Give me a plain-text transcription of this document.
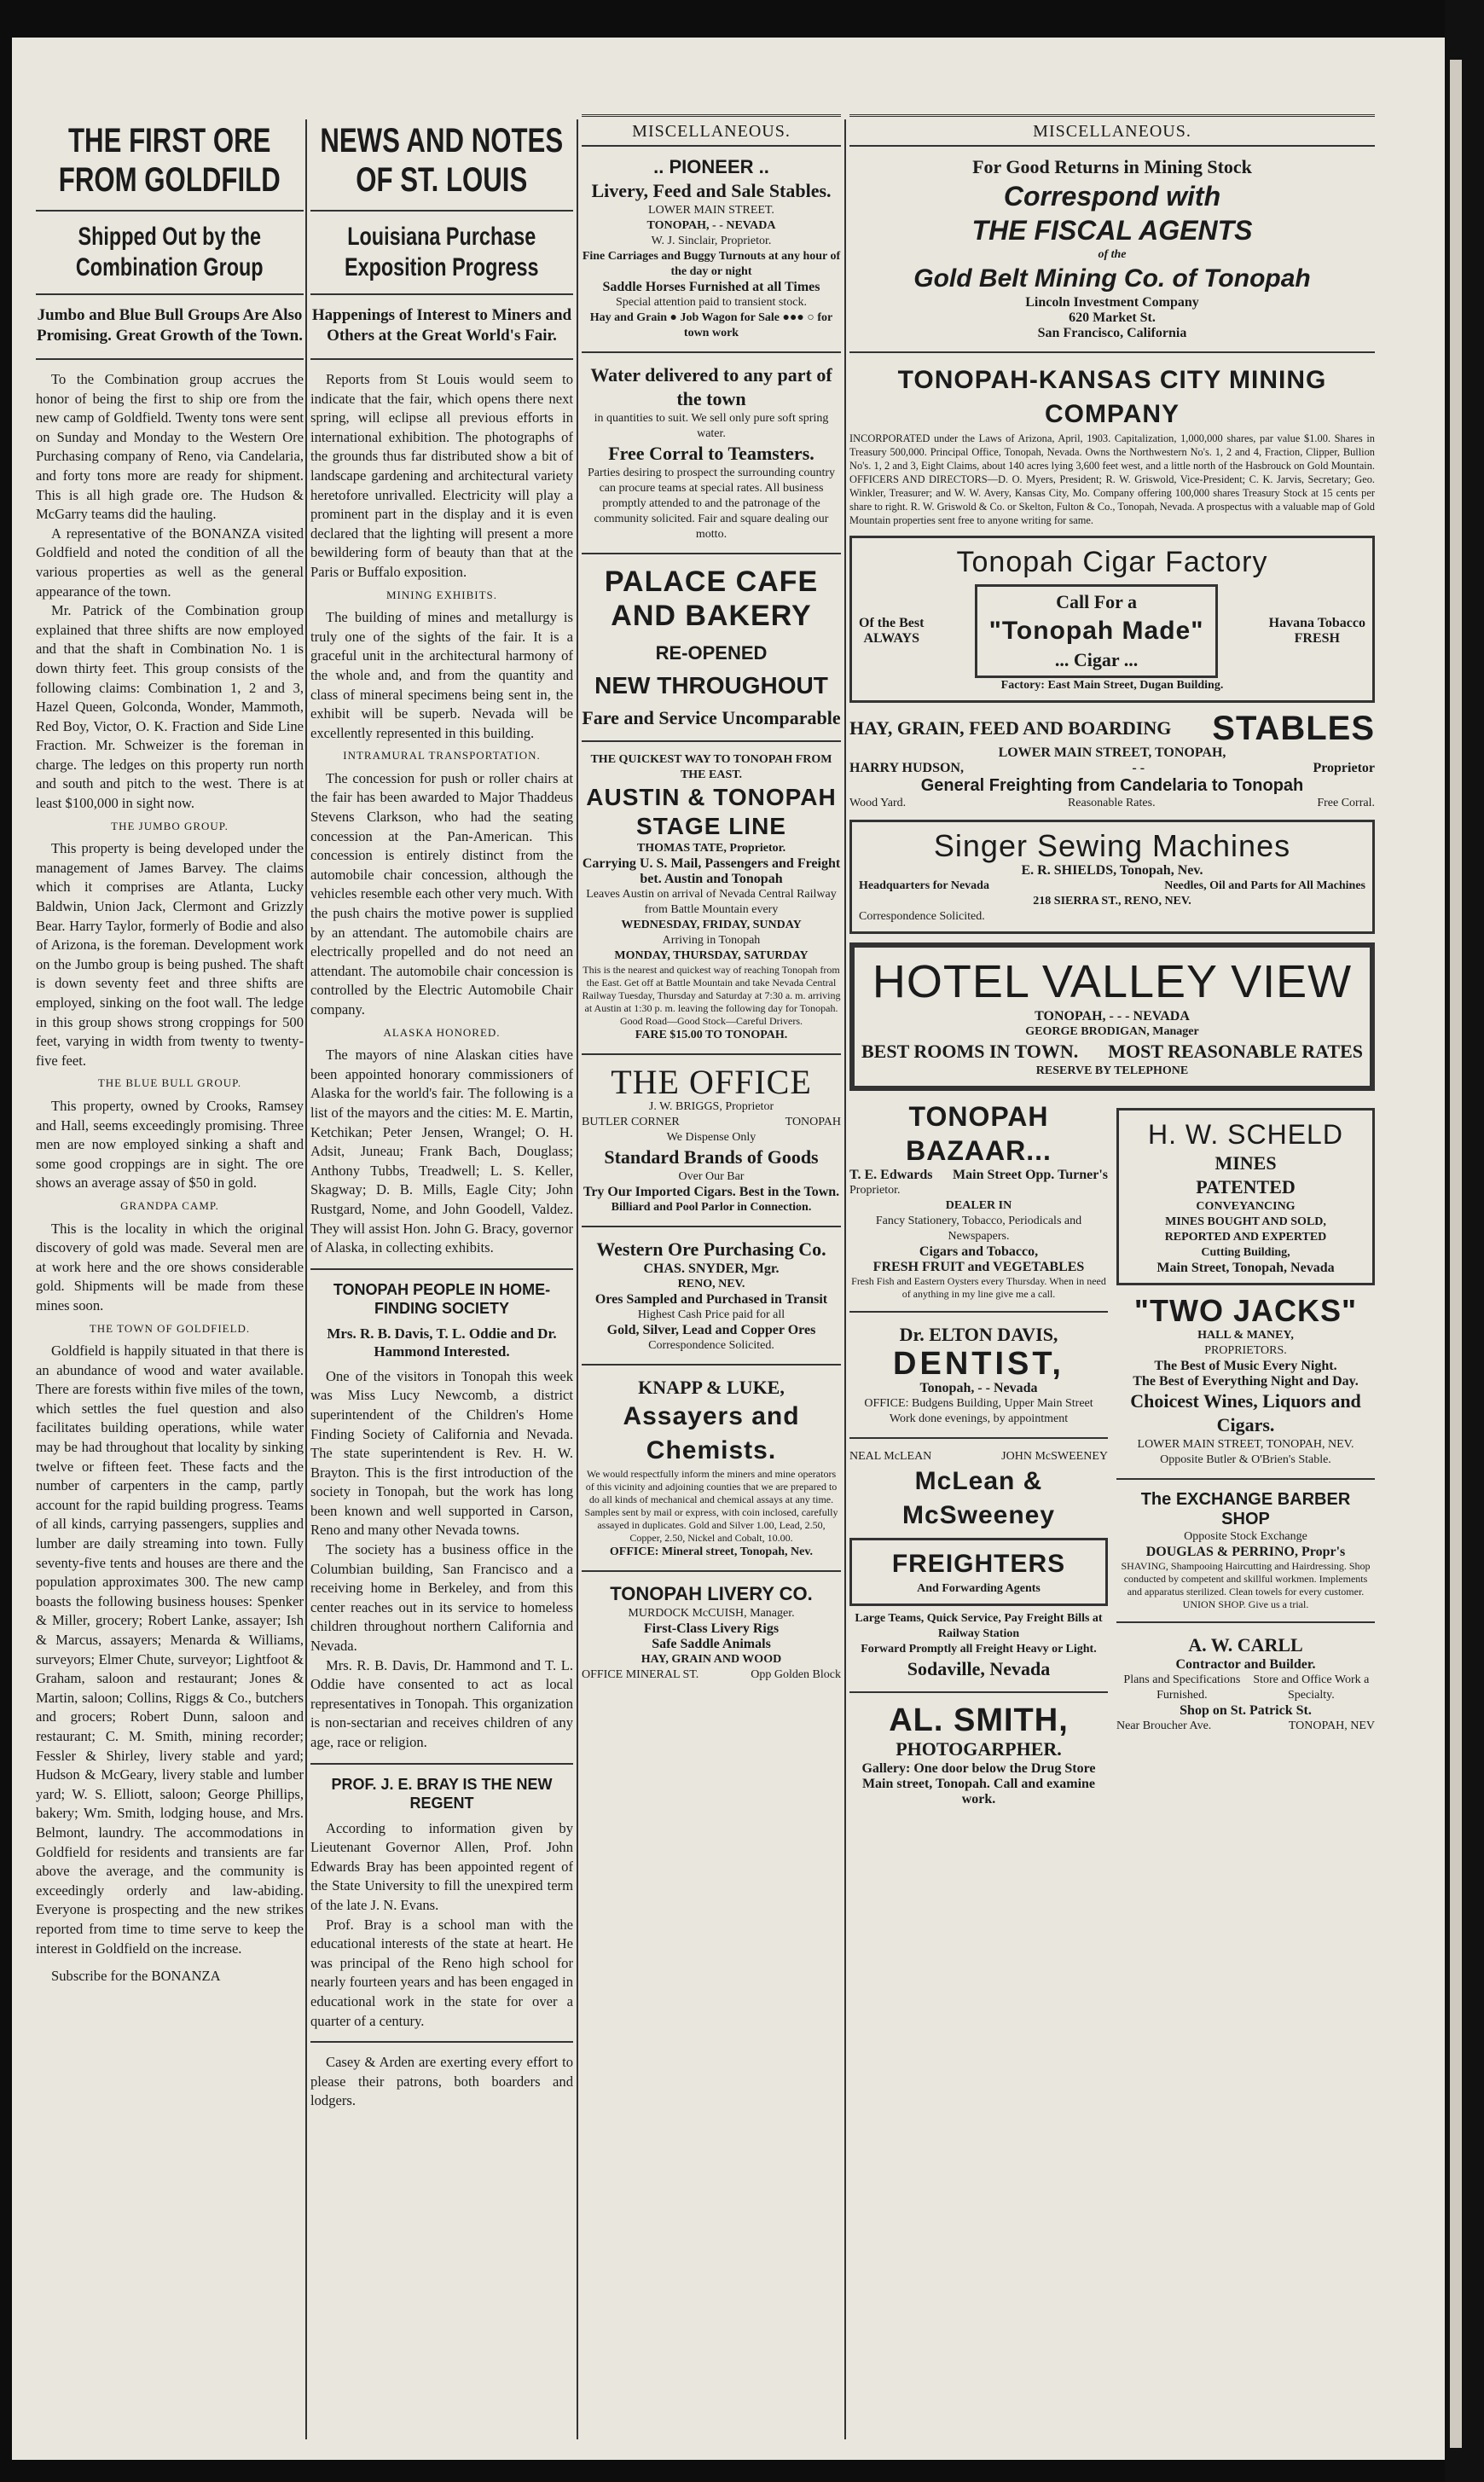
THE FIRST ORE FROM GOLDFILD
Shipped Out by the Combination Group
Jumbo and Blue Bull Groups Are Also Promising. Great Growth of the Town.

To the Combination group accrues the honor of being the first to ship ore from the new camp of Goldfield. Twenty tons were sent on Sunday and Monday to the Western Ore Purchasing company of Reno, via Candelaria, and forty tons more are ready for shipment. This is all high grade ore. The Hudson & McGarry teams did the hauling.

A representative of the BONANZA visited Goldfield and noted the condition of all the various properties as well as the general appearance of the town.

Mr. Patrick of the Combination group explained that three shifts are now employed and that the shaft in Combination No. 1 is down thirty feet. This group consists of the following claims: Combination 1, 2 and 3, Hazel Queen, Golconda, Wonder, Mammoth, Red Boy, Victor, O. K. Fraction and Side Line Fraction. Mr. Schweizer is the foreman in charge. The ledges on this property run north and south and pitch to the west. There is at least $100,000 in sight now.

THE JUMBO GROUP.

This property is being developed under the management of James Barvey. The claims which it comprises are Atlanta, Lucky Baldwin, Union Jack, Clermont and Grizzly Bear. Harry Taylor, formerly of Bodie and also of Arizona, is the foreman. Development work on the Jumbo group is being pushed. The shaft is down seventy feet and three shifts are employed, sinking on the foot wall. The ledge in this group shows strong croppings for 500 feet, varying in width from twenty to twenty-five feet.

THE BLUE BULL GROUP.

This property, owned by Crooks, Ramsey and Hall, seems exceedingly promising. Three men are now employed sinking a shaft and some good croppings are in sight. The ore shows an average assay of $50 in gold.

GRANDPA CAMP.

This is the locality in which the original discovery of gold was made. Several men are at work here and the ore shows considerable gold. Shipments will be made from these mines soon.

THE TOWN OF GOLDFIELD.

Goldfield is happily situated in that there is an abundance of wood and water available. There are forests within five miles of the town, which settles the fuel question and also facilitates building operations, while water may be had throughout that locality by sinking twelve or fifteen feet. These facts and the number of carpenters in the camp, partly account for the rapid building progress. Teams of all kinds, carrying passengers, supplies and lumber are daily streaming into town. Fully seventy-five tents and houses are there and the population approximates 300. The new camp boasts the following business houses: Spenker & Miller, grocery; Robert Lanke, assayer; Ish & Marcus, assayers; Menarda & Williams, surveyors; Elmer Chute, surveyor; Lightfoot & Graham, saloon and restaurant; Jones & Martin, saloon; Collins, Riggs & Co., butchers and grocers; Robert Dunn, saloon and restaurant; C. M. Smith, mining recorder; Fessler & Shirley, livery stable and yard; Hudson & McGeary, livery stable and lumber yard; W. S. Elliott, saloon; George Phillips, bakery; Wm. Smith, lodging house, and Mrs. Belmont, laundry. The accommodations in Goldfield for residents and transients are far above the average, and the community is exceedingly orderly and law-abiding. Everyone is prospecting and the new strikes reported from time to time serve to keep the interest in Goldfield on the increase.

Subscribe for the BONANZA

NEWS AND NOTES OF ST. LOUIS
Louisiana Purchase Exposition Progress
Happenings of Interest to Miners and Others at the Great World's Fair.

Reports from St Louis would seem to indicate that the fair, which opens there next spring, will eclipse all previous efforts in international exhibition. The photographs of the grounds thus far distributed show a bit of landscape gardening and architectural variety heretofore unrivalled. Electricity will play a prominent part in the display and it is even declared that the lighting will present a more bewildering form of beauty than that at the Paris or Buffalo exposition.

MINING EXHIBITS.

The building of mines and metallurgy is truly one of the sights of the fair. It is a graceful unit in the architectural harmony of the whole and, and from the quantity and class of mineral specimens being sent in, the exhibit will be superb. Nevada will be excellently represented in this building.

INTRAMURAL TRANSPORTATION.

The concession for push or roller chairs at the fair has been awarded to Major Thaddeus Stevens Clarkson, who had the seating concession at the Pan-American. This concession is entirely distinct from the automobile chair concession, although the vehicles resemble each other very much. With the push chairs the motive power is supplied by an attendant. The automobile chairs are electrically propelled and do not need an attendant. The automobile chair concession is controlled by the Electric Automobile Chair company.

ALASKA HONORED.

The mayors of nine Alaskan cities have been appointed honorary commissioners of Alaska for the world's fair. The following is a list of the mayors and the cities: M. E. Martin, Ketchikan; Peter Jensen, Wrangel; O. H. Adsit, Juneau; Frank Bach, Douglass; Anthony Tubbs, Treadwell; L. S. Keller, Skagway; D. B. Mills, Eagle City; John Rustgard, Nome, and John Goodell, Valdez. They will assist Hon. John G. Bracy, governor of Alaska, in collecting exhibits.

TONOPAH PEOPLE IN HOME-FINDING SOCIETY
Mrs. R. B. Davis, T. L. Oddie and Dr. Hammond Interested.

One of the visitors in Tonopah this week was Miss Lucy Newcomb, a district superintendent of the Children's Home Finding Society of California and Nevada. The state superintendent is Rev. H. W. Brayton. This is the first introduction of the society in Tonopah, but the work has long been known and well supported in Carson, Reno and many other Nevada towns.

The society has a business office in the Columbian building, San Francisco and a receiving home in Berkeley, and from this center reaches out in its service to homeless children throughout northern California and Nevada.

Mrs. R. B. Davis, Dr. Hammond and T. L. Oddie have consented to act as local representatives in Tonopah. This organization is non-sectarian and receives children of any age, race or religion.

PROF. J. E. BRAY IS THE NEW REGENT

According to information given by Lieutenant Governor Allen, Prof. John Edwards Bray has been appointed regent of the State University to fill the unexpired term of the late J. N. Evans.

Prof. Bray is a school man with the educational interests of the state at heart. He was principal of the Reno high school for nearly fourteen years and has been engaged in educational work in the state for over a quarter of a century.

Casey & Arden are exerting every effort to please their patrons, both boarders and lodgers.

MISCELLANEOUS.
.. PIONEER ..
Livery, Feed and Sale Stables.
LOWER MAIN STREET.
TONOPAH, - - NEVADA
W. J. Sinclair, Proprietor.
Fine Carriages and Buggy Turnouts at any hour of the day or night
Saddle Horses Furnished at all Times
Special attention paid to transient stock.
Hay and Grain ● Job Wagon for Sale ●●● ○ for town work
Water delivered to any part of the town
in quantities to suit. We sell only pure soft spring water.
Free Corral to Teamsters.
Parties desiring to prospect the surrounding country can procure teams at special rates. All business promptly attended to and the patronage of the community solicited. Fair and square dealing our motto.
PALACE CAFE
AND BAKERY
RE-OPENED
NEW THROUGHOUT
Fare and Service Uncomparable
THE QUICKEST WAY TO TONOPAH FROM THE EAST.
AUSTIN & TONOPAH STAGE LINE
THOMAS TATE, Proprietor.
Carrying U. S. Mail, Passengers and Freight bet. Austin and Tonopah
Leaves Austin on arrival of Nevada Central Railway from Battle Mountain every
WEDNESDAY, FRIDAY, SUNDAY
Arriving in Tonopah
MONDAY, THURSDAY, SATURDAY
This is the nearest and quickest way of reaching Tonopah from the East. Get off at Battle Mountain and take Nevada Central Railway Tuesday, Thursday and Saturday at 7:30 a. m. arriving at Austin at 1:30 p. m. leaving the following day for Tonopah. Good Road—Good Stock—Careful Drivers.
FARE $15.00 TO TONOPAH.
THE OFFICE
J. W. BRIGGS, Proprietor
BUTLER CORNER	TONOPAH
We Dispense Only
Standard Brands of Goods
Over Our Bar
Try Our Imported Cigars. Best in the Town.
Billiard and Pool Parlor in Connection.
Western Ore Purchasing Co.
CHAS. SNYDER, Mgr.
RENO, NEV.
Ores Sampled and Purchased in Transit
Highest Cash Price paid for all
Gold, Silver, Lead and Copper Ores
Correspondence Solicited.
KNAPP & LUKE,
Assayers and Chemists.
We would respectfully inform the miners and mine operators of this vicinity and adjoining counties that we are prepared to do all kinds of mechanical and chemical assays at any time. Samples sent by mail or express, with coin inclosed, carefully assayed in duplicates. Gold and Silver 1.00, Lead, 2.50, Copper, 2.50, Nickel and Cobalt, 10.00.
OFFICE: Mineral street, Tonopah, Nev.
TONOPAH LIVERY CO.
MURDOCK McCUISH, Manager.
First-Class Livery Rigs
Safe Saddle Animals
HAY, GRAIN AND WOOD
OFFICE MINERAL ST.	Opp Golden Block
MISCELLANEOUS.
For Good Returns in Mining Stock
Correspond with
THE FISCAL AGENTS
of the
Gold Belt Mining Co. of Tonopah
Lincoln Investment Company
620 Market St.
San Francisco, California
TONOPAH-KANSAS CITY MINING COMPANY
INCORPORATED under the Laws of Arizona, April, 1903. Capitalization, 1,000,000 shares, par value $1.00. Shares in Treasury 500,000. Principal Office, Tonopah, Nevada. Owns the Northwestern No's. 1, 2 and 4, Fraction, Clipper, Bullion No's. 1, 2 and 3, Eight Claims, about 140 acres lying 3,600 feet west, and a little north of the Hasbrouck on Gold Mountain. OFFICERS AND DIRECTORS—D. O. Myers, President; R. W. Griswold, Vice-President; C. K. Jarvis, Secretary; Geo. Winkler, Treasurer; and W. W. Avery, Kansas City, Mo. Company offering 100,000 shares Treasury Stock at 15 cents per share to right. R. W. Griswold & Co. or Skelton, Fulton & Co., Tonopah, Nevada. A prospectus with a valuable map of Gold Mountain properties sent free to anyone writing for same.
Tonopah Cigar Factory
Of the Best
ALWAYS
Call For a
"Tonopah Made"
... Cigar ...
Havana Tobacco
FRESH
Factory: East Main Street, Dugan Building.
HAY, GRAIN, FEED AND BOARDING STABLES
LOWER MAIN STREET, TONOPAH,
HARRY HUDSON,	- -	Proprietor
General Freighting from Candelaria to Tonopah
Wood Yard.	Reasonable Rates.	Free Corral.
Singer Sewing Machines
E. R. SHIELDS, Tonopah, Nev.
Headquarters for Nevada	Needles, Oil and Parts for All Machines
218 SIERRA ST., RENO, NEV.
Correspondence Solicited.
HOTEL VALLEY VIEW
TONOPAH, - - - NEVADA
GEORGE BRODIGAN, Manager
BEST ROOMS IN TOWN. MOST REASONABLE RATES
RESERVE BY TELEPHONE
TONOPAH BAZAAR...
T. E. Edwards Main Street Opp. Turner's
Proprietor.
DEALER IN
Fancy Stationery, Tobacco, Periodicals and Newspapers.
Cigars and Tobacco,
FRESH FRUIT and VEGETABLES
Fresh Fish and Eastern Oysters every Thursday. When in need of anything in my line give me a call.
Dr. ELTON DAVIS,
DENTIST,
Tonopah, - - Nevada
OFFICE: Budgens Building, Upper Main Street
Work done evenings, by appointment
NEAL McLEAN	JOHN McSWEENEY
McLean & McSweeney
FREIGHTERS
And Forwarding Agents
Large Teams, Quick Service, Pay Freight Bills at Railway Station
Forward Promptly all Freight Heavy or Light.
Sodaville, Nevada
AL. SMITH,
PHOTOGARPHER.
Gallery: One door below the Drug Store Main street, Tonopah. Call and examine work.
H. W. SCHELD
MINES
PATENTED
CONVEYANCING
MINES BOUGHT AND SOLD,
REPORTED AND EXPERTED
Cutting Building,
Main Street, Tonopah, Nevada
"TWO JACKS"
HALL & MANEY,
PROPRIETORS.
The Best of Music Every Night.
The Best of Everything Night and Day.
Choicest Wines, Liquors and Cigars.
LOWER MAIN STREET, TONOPAH, NEV.
Opposite Butler & O'Brien's Stable.
The EXCHANGE BARBER SHOP
Opposite Stock Exchange
DOUGLAS & PERRINO, Propr's
SHAVING, Shampooing Haircutting and Hairdressing. Shop conducted by competent and skillful workmen. Implements and apparatus sterilized. Clean towels for every customer. UNION SHOP. Give us a trial.
A. W. CARLL
Contractor and Builder.
Plans and Specifications Furnished.
Store and Office Work a Specialty.
Shop on St. Patrick St.
Near Broucher Ave.	TONOPAH, NEV
